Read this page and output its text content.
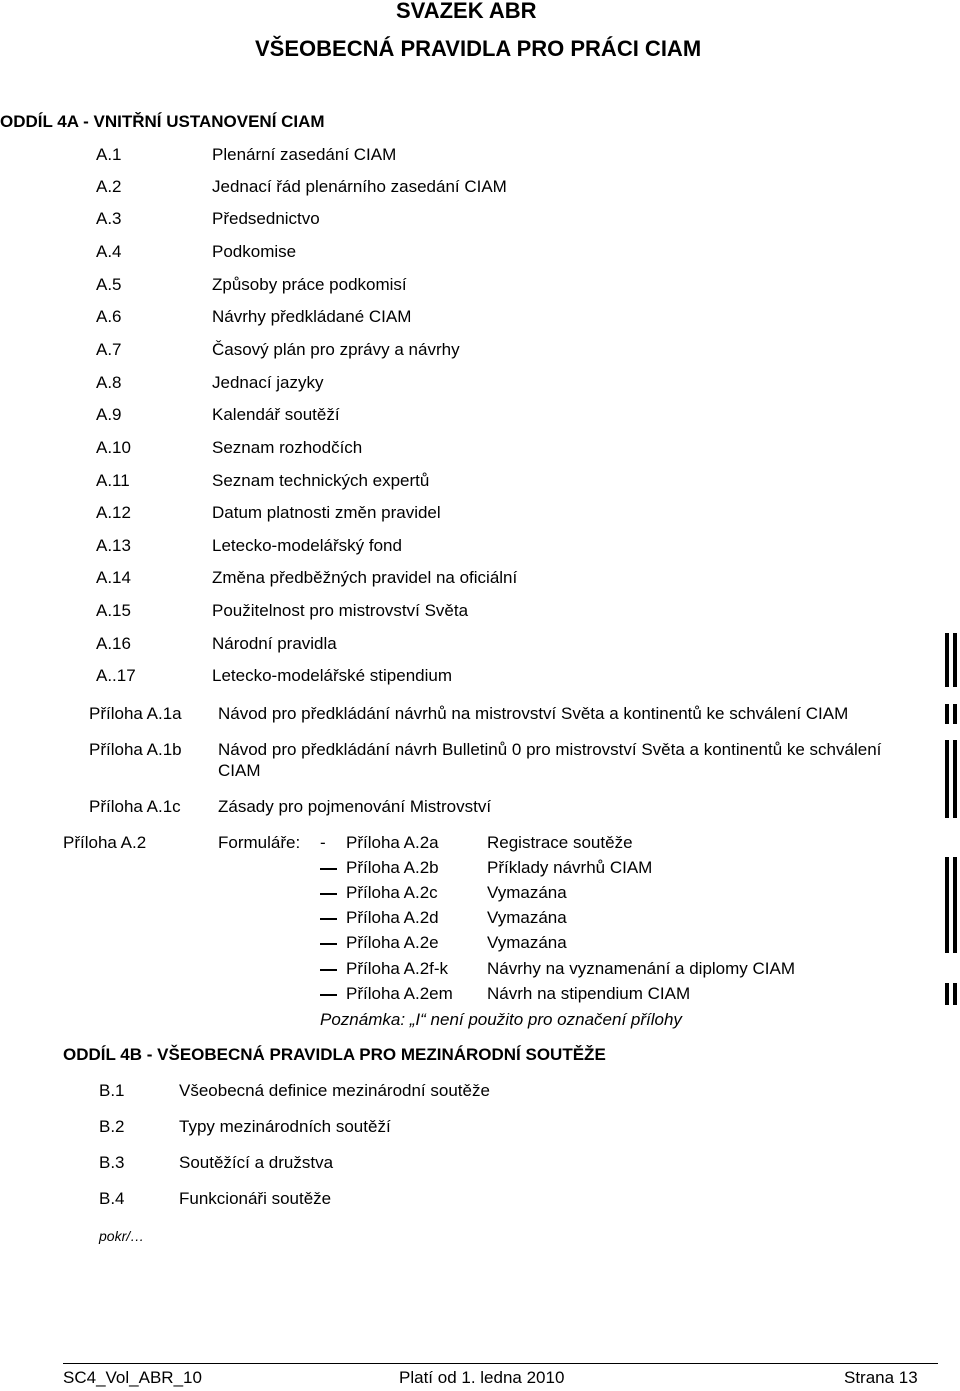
SVAZEK ABR
VŠEOBECNÁ PRAVIDLA PRO PRÁCI CIAM
ODDÍL 4A - VNITŘNÍ USTANOVENÍ CIAM
A.1	Plenární zasedání CIAM
A.2	Jednací řád plenárního zasedání CIAM
A.3	Předsednictvo
A.4	Podkomise
A.5	Způsoby práce podkomisí
A.6	Návrhy předkládané CIAM
A.7	Časový plán pro zprávy a návrhy
A.8	Jednací jazyky
A.9	Kalendář soutěží
A.10	Seznam rozhodčích
A.11	Seznam technických expertů
A.12	Datum platnosti změn pravidel
A.13	Letecko-modelářský fond
A.14	Změna předběžných pravidel na oficiální
A.15	Použitelnost pro mistrovství Světa
A.16	Národní pravidla
A..17	Letecko-modelářské stipendium
Příloha A.1a Návod pro předkládání návrhů na mistrovství Světa a kontinentů ke schválení CIAM
Příloha A.1b Návod pro předkládání návrh Bulletinů 0 pro mistrovství Světa a kontinentů ke schválení
CIAM
Příloha A.1c Zásady pro pojmenování Mistrovství
Příloha A.2	Formuláře: - Příloha A.2a	Registrace soutěže
Příloha A.2b	Příklady návrhů CIAM
Příloha A.2c	Vymazána
Příloha A.2d	Vymazána
Příloha A.2e	Vymazána
Příloha A.2f-k Návrhy na vyznamenání a diplomy CIAM
Příloha A.2em Návrh na stipendium CIAM
Poznámka: „I“ není použito pro označení přílohy
ODDÍL 4B - VŠEOBECNÁ PRAVIDLA PRO MEZINÁRODNÍ SOUTĚŽE
B.1	Všeobecná definice mezinárodní soutěže
B.2	Typy mezinárodních soutěží
B.3	Soutěžící a družstva
B.4	Funkcionáři soutěže
pokr/…
SC4_Vol_ABR_10	Platí od 1. ledna 2010	Strana 13
